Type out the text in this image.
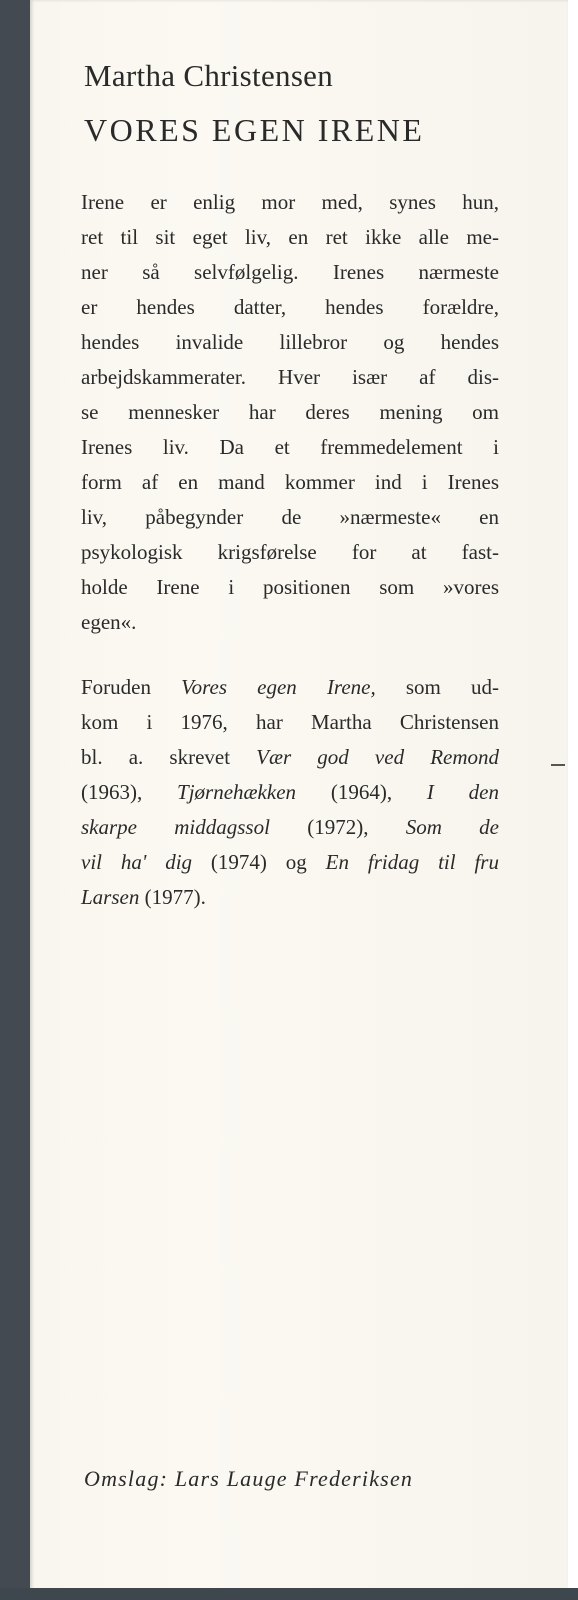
Martha Christensen
VORES EGEN IRENE
Irene er enlig mor med, synes hun,
ret til sit eget liv, en ret ikke alle me-
ner så selvfølgelig. Irenes nærmeste
er hendes datter, hendes forældre,
hendes invalide lillebror og hendes
arbejdskammerater. Hver især af dis-
se mennesker har deres mening om
Irenes liv. Da et fremmedelement i
form af en mand kommer ind i Irenes
liv, påbegynder de »nærmeste« en
psykologisk krigsførelse for at fast-
holde Irene i positionen som »vores
egen«.
Foruden Vores egen Irene, som ud-
kom i 1976, har Martha Christensen
bl. a. skrevet Vær god ved Remond
(1963), Tjørnehækken (1964), I den
skarpe middagssol (1972), Som de
vil ha' dig (1974) og En fridag til fru
Larsen (1977).

Omslag: Lars Lauge Frederiksen
